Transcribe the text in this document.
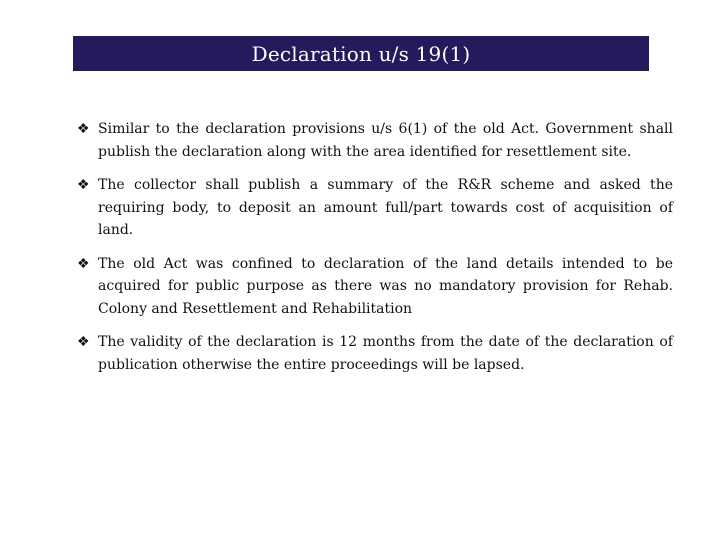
Declaration u/s 19(1)
❖ Similar to the declaration provisions u/s 6(1) of the old Act. Government shall publish the declaration along with the area identified for resettlement site.
❖ The collector shall publish a summary of the R&R scheme and asked the requiring body, to deposit an amount full/part towards cost of acquisition of land.
❖ The old Act was confined to declaration of the land details intended to be acquired for public purpose as there was no mandatory provision for Rehab. Colony and Resettlement and Rehabilitation
❖ The validity of the declaration is 12 months from the date of the declaration of publication otherwise the entire proceedings will be lapsed.
